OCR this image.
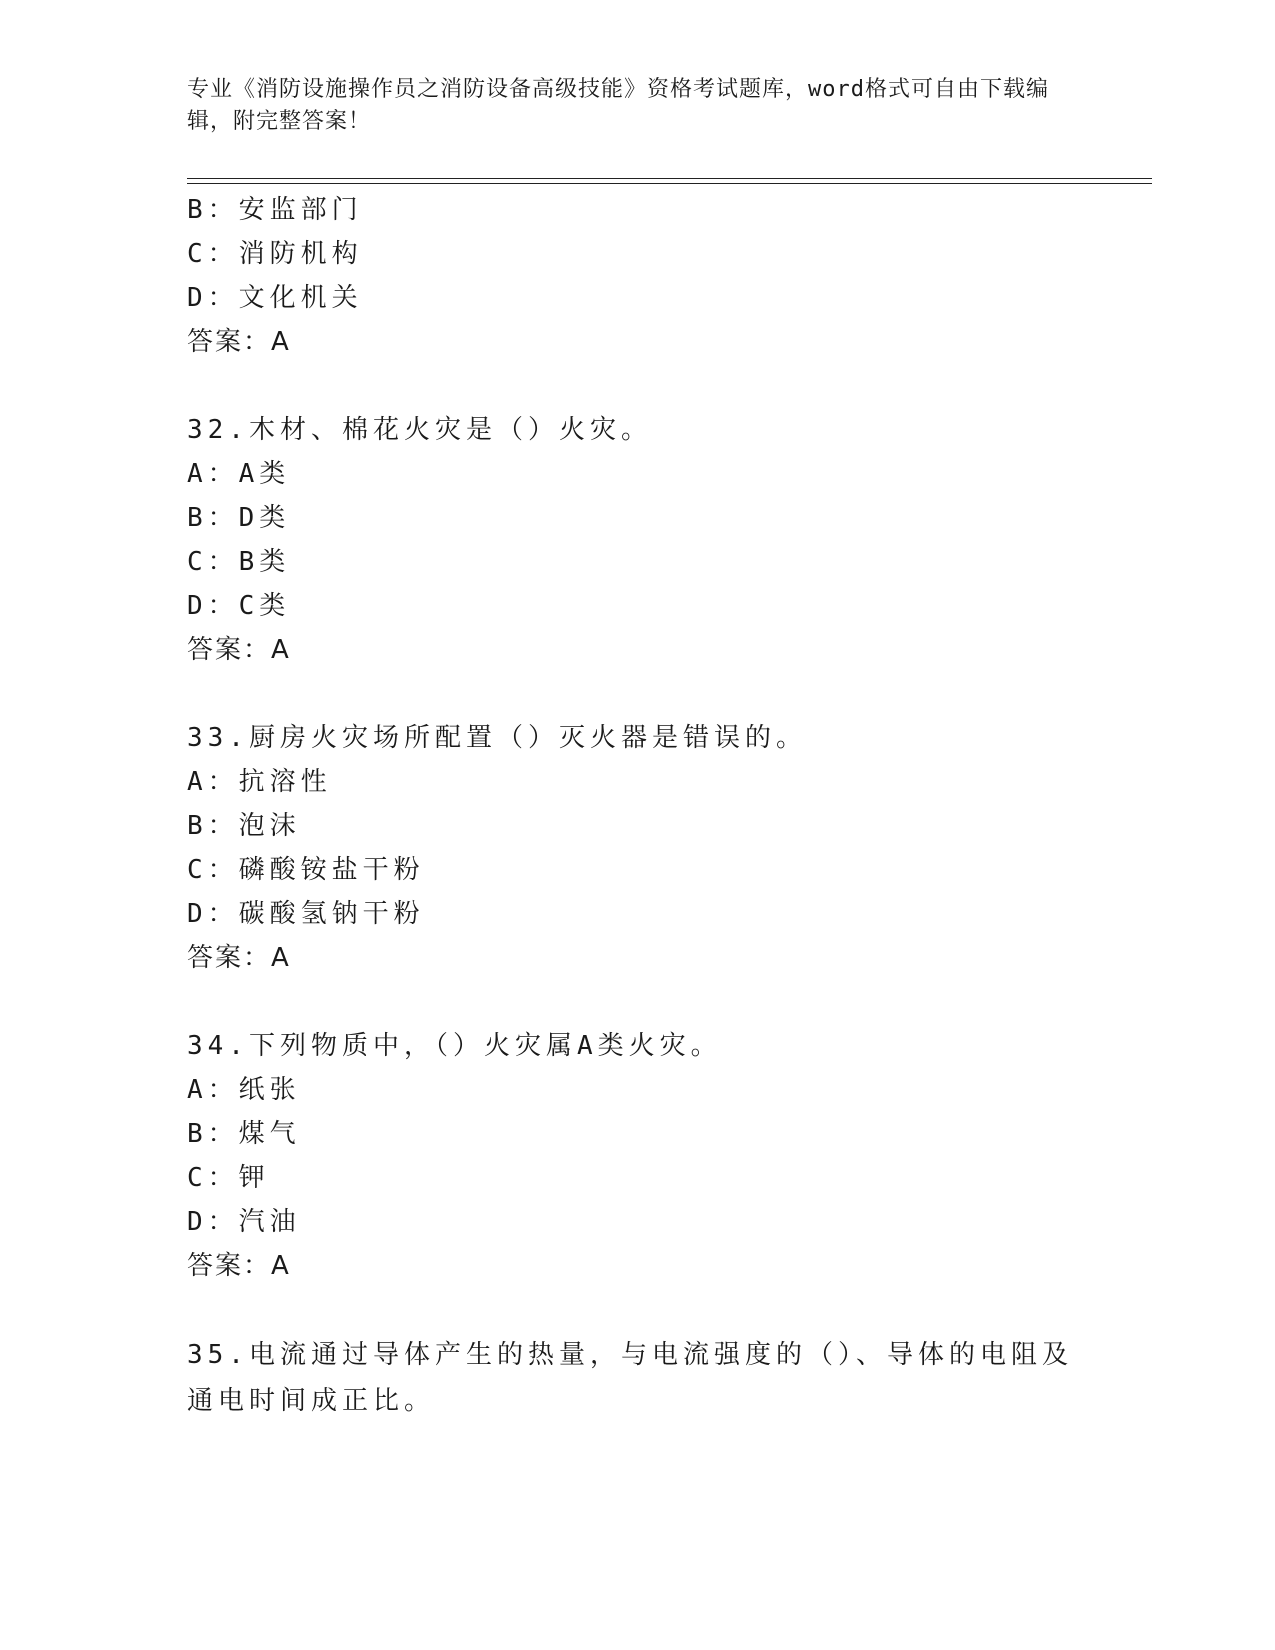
专业《消防设施操作员之消防设备高级技能》资格考试题库，word格式可自由下载编辑，附完整答案！
B：安监部门
C：消防机构
D：文化机关
答案：A
32.木材、棉花火灾是（）火灾。
A：A类
B：D类
C：B类
D：C类
答案：A
33.厨房火灾场所配置（）灭火器是错误的。
A：抗溶性
B：泡沫
C：磷酸铵盐干粉
D：碳酸氢钠干粉
答案：A
34.下列物质中，（）火灾属A类火灾。
A：纸张
B：煤气
C：钾
D：汽油
答案：A
35.电流通过导体产生的热量，与电流强度的（）、导体的电阻及通电时间成正比。
